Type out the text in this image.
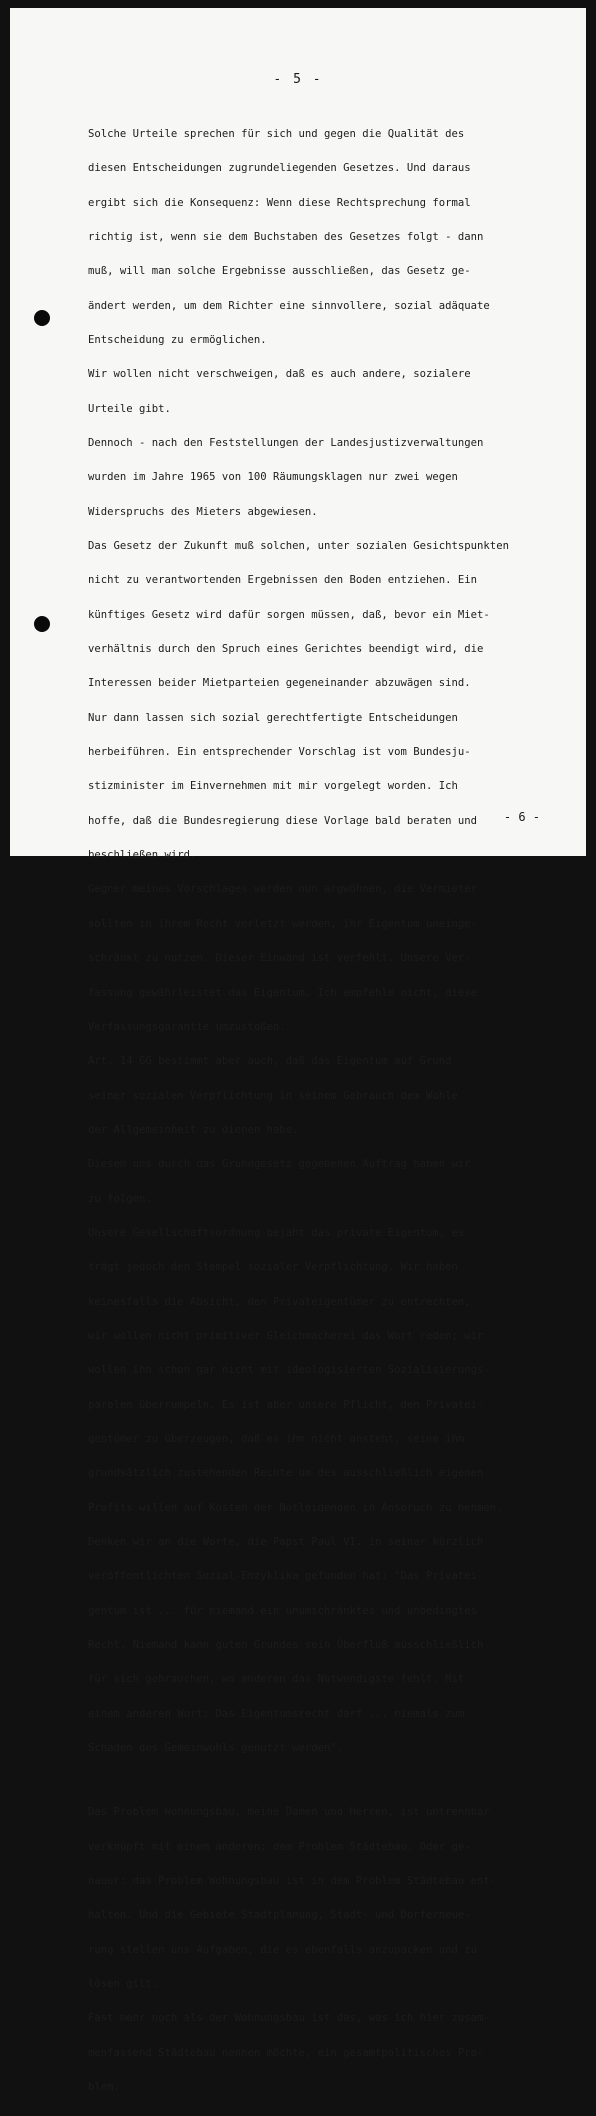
- 5 -

Solche Urteile sprechen für sich und gegen die Qualität des

diesen Entscheidungen zugrundeliegenden Gesetzes. Und daraus

ergibt sich die Konsequenz: Wenn diese Rechtsprechung formal

richtig ist, wenn sie dem Buchstaben des Gesetzes folgt - dann

muß, will man solche Ergebnisse ausschließen, das Gesetz ge-

ändert werden, um dem Richter eine sinnvollere, sozial adäquate

Entscheidung zu ermöglichen.

Wir wollen nicht verschweigen, daß es auch andere, sozialere

Urteile gibt.

Dennoch - nach den Feststellungen der Landesjustizverwaltungen

wurden im Jahre 1965 von 100 Räumungsklagen nur zwei wegen

Widerspruchs des Mieters abgewiesen.

Das Gesetz der Zukunft muß solchen, unter sozialen Gesichtspunkten

nicht zu verantwortenden Ergebnissen den Boden entziehen. Ein

künftiges Gesetz wird dafür sorgen müssen, daß, bevor ein Miet-

verhältnis durch den Spruch eines Gerichtes beendigt wird, die

Interessen beider Mietparteien gegeneinander abzuwägen sind.

Nur dann lassen sich sozial gerechtfertigte Entscheidungen

herbeiführen. Ein entsprechender Vorschlag ist vom Bundesju-

stizminister im Einvernehmen mit mir vorgelegt worden. Ich

hoffe, daß die Bundesregierung diese Vorlage bald beraten und

beschließen wird.

Gegner meines Vorschlages werden nun argwöhnen, die Vermieter

sollten in ihrem Recht verletzt werden, ihr Eigentum uneinge-

schränkt zu nutzen. Dieser Einwand ist verfehlt. Unsere Ver-

fassung gewährleistet das Eigentum. Ich empfehle nicht, diese

Verfassungsgarantie umzustoßen.

Art. 14 GG bestimmt aber auch, daß das Eigentum auf Grund

seiner sozialen Verpflichtung in seinem Gebrauch dem Wohle

der Allgemeinheit zu dienen habe.

Diesem uns durch das Grundgesetz gegebenen Auftrag haben wir

zu folgen.

Unsere Gesellschaftsordnung bejaht das private Eigentum, es

trägt jedoch den Stempel sozialer Verpflichtung. Wir haben

keinesfalls die Absicht, den Privateigentümer zu entrechten,

wir wollen nicht primitiver Gleichmacherei das Wort reden; wir

wollen ihn schon gar nicht mit ideologisierten Sozialisierungs-

parolen überrumpeln. Es ist aber unsere Pflicht, den Privatei-

gentümer zu überzeugen, daß es ihm nicht ansteht, seine ihm

grundsätzlich zustehenden Rechte um des ausschließlich eigenen

Profits willen auf Kosten der Notleidenden in Anspruch zu nehmen.

Denken wir an die Worte, die Papst Paul VI. in seiner kürzlich

veröffentlichten Sozial-Enzyklika gefunden hat: "Das Privatei-

gentum ist ... für niemand ein unumschränktes und unbedingtes

Recht. Niemand kann guten Grundes sein Überfluß ausschließlich

für sich gebrauchen, wo anderen das Notwendigste fehlt. Mit

einem anderen Wort: Das Eigentumsrecht darf ... niemals zum

Schaden des Gemeinwohls genutzt werden".

Das Problem Wohnungsbau, meine Damen und Herren, ist untrennbar

verknüpft mit einem anderen: dem Problem Städtebau. Oder ge-

nauer: das Problem Wohnungsbau ist in dem Problem Städtebau ent-

halten. Und die Gebiete Stadtplanung, Stadt- und Dorferneue-

rung stellen uns Aufgaben, die es ebenfalls anzupacken und zu

lösen gilt.

Fast mehr noch als der Wohnungsbau ist das, was ich hier zusam-

menfassend Städtebau nennen möchte, ein gesamtpolitisches Pro-

blem.

- 6 -
